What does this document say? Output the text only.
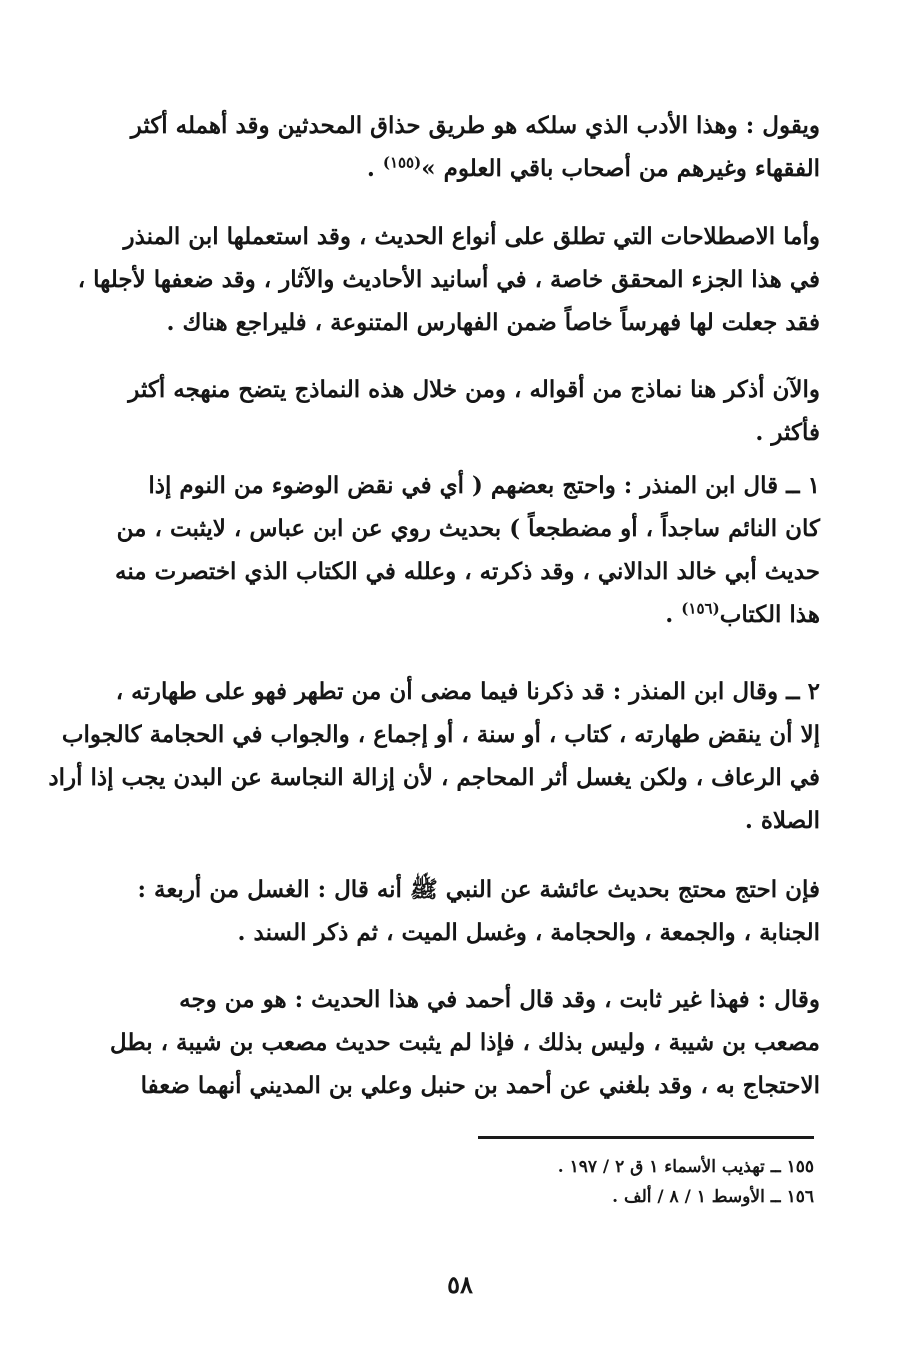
ويقول : وهذا الأدب الذي سلكه هو طريق حذاق المحدثين وقد أهمله أكثر
الفقهاء وغيرهم من أصحاب باقي العلوم »$^{(١٥٥)}$ .
وأما الاصطلاحات التي تطلق على أنواع الحديث ، وقد استعملها ابن المنذر
في هذا الجزء المحقق خاصة ، في أسانيد الأحاديث والآثار ، وقد ضعفها لأجلها ،
فقد جعلت لها فهرساً خاصاً ضمن الفهارس المتنوعة ، فليراجع هناك .
والآن أذكر هنا نماذج من أقواله ، ومن خلال هذه النماذج يتضح منهجه أكثر
فأكثر .
١ ــ قال ابن المنذر : واحتج بعضهم ( أي في نقض الوضوء من النوم إذا
كان النائم ساجداً ، أو مضطجعاً ) بحديث روي عن ابن عباس ، لايثبت ، من
حديث أبي خالد الدالاني ، وقد ذكرته ، وعلله في الكتاب الذي اختصرت منه
هذا الكتاب$^{(١٥٦)}$ .
٢ ــ وقال ابن المنذر : قد ذكرنا فيما مضى أن من تطهر فهو على طهارته ،
إلا أن ينقض طهارته ، كتاب ، أو سنة ، أو إجماع ، والجواب في الحجامة كالجواب
في الرعاف ، ولكن يغسل أثر المحاجم ، لأن إزالة النجاسة عن البدن يجب إذا أراد
الصلاة .
فإن احتج محتج بحديث عائشة عن النبي ﷺ أنه قال : الغسل من أربعة :
الجنابة ، والجمعة ، والحجامة ، وغسل الميت ، ثم ذكر السند .
وقال : فهذا غير ثابت ، وقد قال أحمد في هذا الحديث : هو من وجه
مصعب بن شيبة ، وليس بذلك ، فإذا لم يثبت حديث مصعب بن شيبة ، بطل
الاحتجاج به ، وقد بلغني عن أحمد بن حنبل وعلي بن المديني أنهما ضعفا
١٥٥ ــ تهذيب الأسماء ١ ق ٢ / ١٩٧ .
١٥٦ ــ الأوسط ١ / ٨ / ألف .
٥٨
